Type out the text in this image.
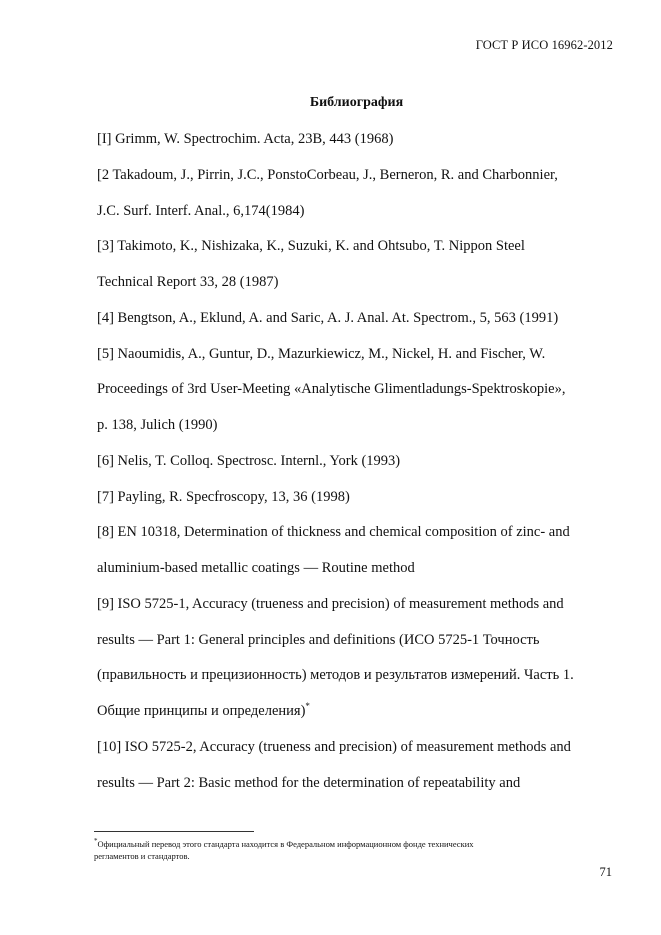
ГОСТ Р ИСО 16962-2012
Библиография
[I] Grimm, W. Spectrochim. Acta, 23B, 443 (1968)
[2 Takadoum, J., Pirrin, J.C., PonstoCorbeau, J., Berneron, R. and Charbonnier,
J.C. Surf. Interf. Anal., 6,174(1984)
[3] Takimoto, K., Nishizaka, K., Suzuki, K. and Ohtsubo, T. Nippon Steel
Technical Report 33, 28 (1987)
[4] Bengtson, A., Eklund, A. and Saric, A. J. Anal. At. Spectrom., 5, 563 (1991)
[5] Naoumidis, A., Guntur, D., Mazurkiewicz, M., Nickel, H. and Fischer, W.
Proceedings of 3rd User-Meeting «Analytische Glimentladungs-Spektroskopie»,
p. 138, Julich (1990)
[6] Nelis, T. Colloq. Spectrosc. Internl., York (1993)
[7] Payling, R. Specfroscopy, 13, 36 (1998)
[8] EN 10318, Determination of thickness and chemical composition of zinc- and
aluminium-based metallic coatings — Routine method
[9] ISO 5725-1, Accuracy (trueness and precision) of measurement methods and
results — Part 1: General principles and definitions (ИСО 5725-1 Точность
(правильность и прецизионность) методов и результатов измерений. Часть 1.
Общие принципы и определения)*
[10] ISO 5725-2, Accuracy (trueness and precision) of measurement methods and
results — Part 2: Basic method for the determination of repeatability and
*Официальный перевод этого стандарта находится в Федеральном информационном фонде технических
регламентов и стандартов.
71
